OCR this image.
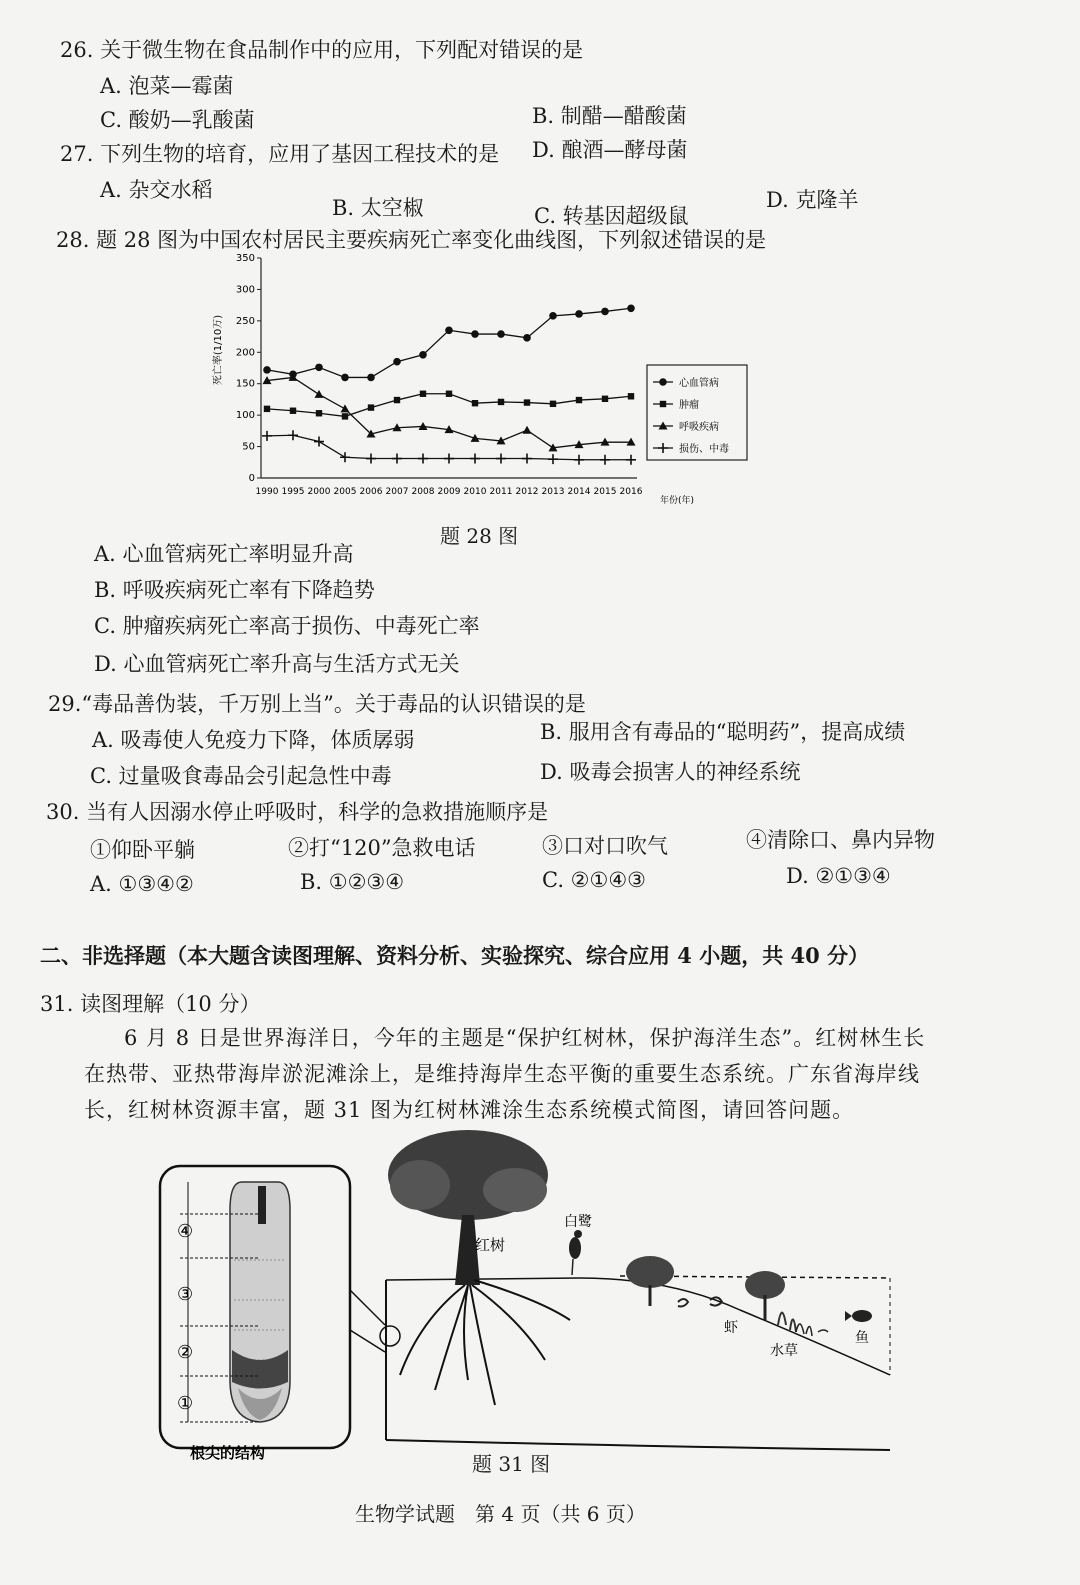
26. 关于微生物在食品制作中的应用，下列配对错误的是
A. 泡菜—霉菌
C. 酸奶—乳酸菌	B. 制醋—醋酸菌
D. 酿酒—酵母菌
27. 下列生物的培育，应用了基因工程技术的是
A. 杂交水稻
B. 太空椒	C. 转基因超级鼠
D. 克隆羊
28. 题 28 图为中国农村居民主要疾病死亡率变化曲线图，下列叙述错误的是
死亡率(1/10万)
0
50
100
150
200
250
300
350
1990 1995 2000 2005 2006 2007 2008 2009 2010 2011 2012 2013 2014 2015 2016
年份(年)
心血管病
肿瘤
呼吸疾病
损伤、中毒
题 28 图
A. 心血管病死亡率明显升高
B. 呼吸疾病死亡率有下降趋势
C. 肿瘤疾病死亡率高于损伤、中毒死亡率
D. 心血管病死亡率升高与生活方式无关
29.“毒品善伪装，千万别上当”。关于毒品的认识错误的是
A. 吸毒使人免疫力下降，体质孱弱	B. 服用含有毒品的“聪明药”，提高成绩
C. 过量吸食毒品会引起急性中毒	D. 吸毒会损害人的神经系统
30. 当有人因溺水停止呼吸时，科学的急救措施顺序是
①仰卧平躺	②打“120”急救电话	③口对口吹气	④清除口、鼻内异物
A. ①③④②	B. ①②③④	C. ②①④③	D. ②①③④
二、非选择题（本大题含读图理解、资料分析、实验探究、综合应用 4 小题，共 40 分）
31. 读图理解（10 分）
6 月 8 日是世界海洋日，今年的主题是“保护红树林，保护海洋生态”。红树林生长
在热带、亚热带海岸淤泥滩涂上，是维持海岸生态平衡的重要生态系统。广东省海岸线
长，红树林资源丰富，题 31 图为红树林滩涂生态系统模式简图，请回答问题。
④
③
②
①
根尖的结构
红树
白鹭
虾
水草
鱼
题 31 图
生物学试题　第 4 页（共 6 页）
